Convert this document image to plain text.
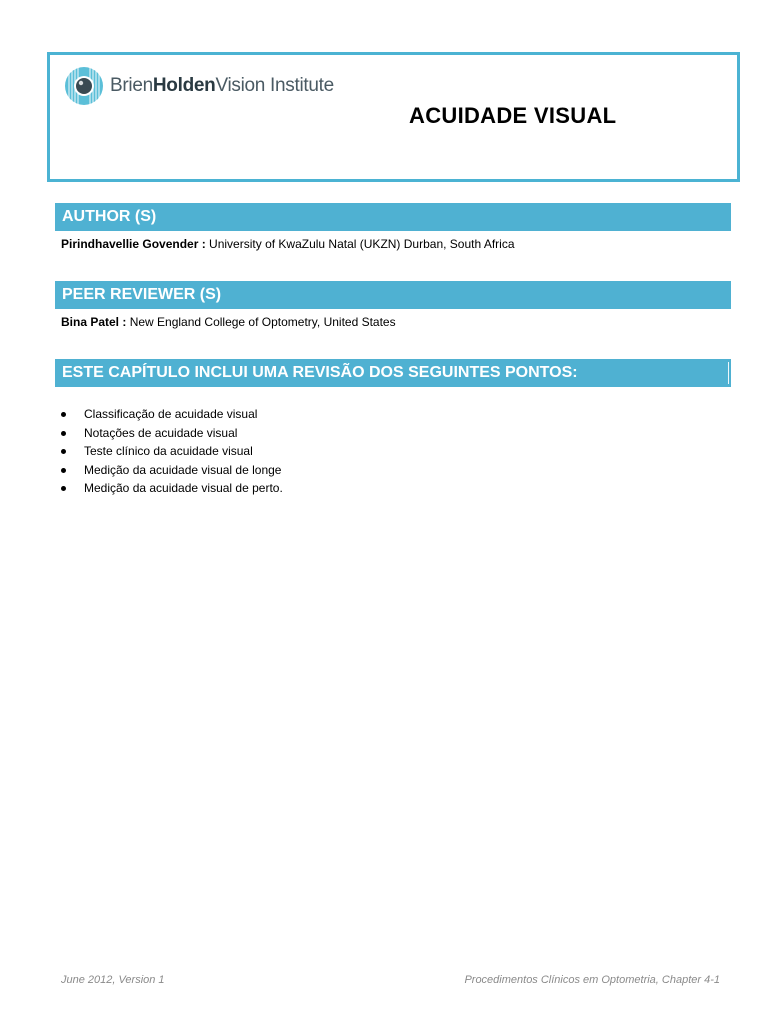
BrienHoldenVision Institute
ACUIDADE VISUAL
AUTHOR (S)
Pirindhavellie Govender : University of KwaZulu Natal (UKZN) Durban, South Africa
PEER REVIEWER (S)
Bina Patel : New England College of Optometry, United States
ESTE CAPÍTULO INCLUI UMA REVISÃO DOS SEGUINTES PONTOS:
Classificação de acuidade visual
Notações de acuidade visual
Teste clínico da acuidade visual
Medição da acuidade visual de longe
Medição da acuidade visual de perto.
June 2012, Version 1	Procedimentos Clínicos em Optometria, Chapter 4-1
